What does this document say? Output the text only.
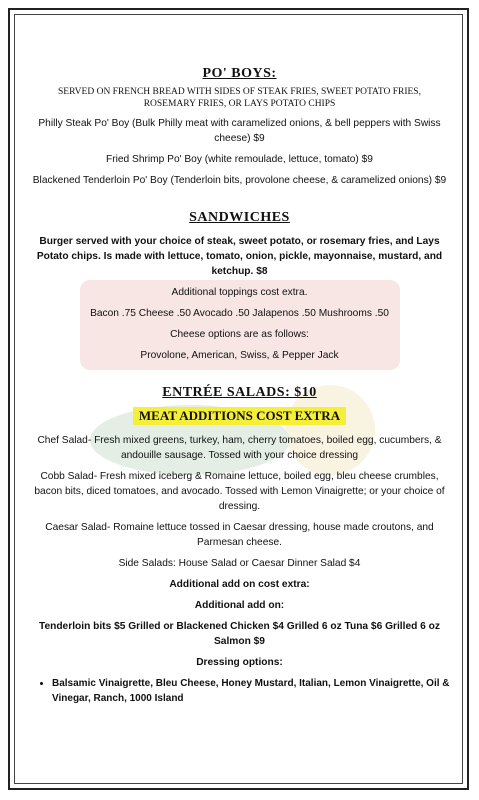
PO' BOYS:
SERVED ON FRENCH BREAD WITH SIDES OF STEAK FRIES, SWEET POTATO FRIES, ROSEMARY FRIES, OR LAYS POTATO CHIPS

Philly Steak Po' Boy (Bulk Philly meat with caramelized onions, & bell peppers with Swiss cheese) $9

Fried Shrimp Po' Boy (white remoulade, lettuce, tomato) $9

Blackened Tenderloin Po' Boy (Tenderloin bits, provolone cheese, & caramelized onions) $9

SANDWICHES

Burger served with your choice of steak, sweet potato, or rosemary fries, and Lays Potato chips. Is made with lettuce, tomato, onion, pickle, mayonnaise, mustard, and ketchup. $8

Additional toppings cost extra.

Bacon .75 Cheese .50 Avocado .50 Jalapenos .50 Mushrooms .50

Cheese options are as follows:

Provolone, American, Swiss, & Pepper Jack

ENTRÉE SALADS: $10
MEAT ADDITIONS COST EXTRA

Chef Salad- Fresh mixed greens, turkey, ham, cherry tomatoes, boiled egg, cucumbers, & andouille sausage. Tossed with your choice dressing

Cobb Salad- Fresh mixed iceberg & Romaine lettuce, boiled egg, bleu cheese crumbles, bacon bits, diced tomatoes, and avocado. Tossed with Lemon Vinaigrette; or your choice of dressing.

Caesar Salad- Romaine lettuce tossed in Caesar dressing, house made croutons, and Parmesan cheese.

Side Salads: House Salad or Caesar Dinner Salad $4

Additional add on cost extra:

Additional add on:

Tenderloin bits $5 Grilled or Blackened Chicken $4 Grilled 6 oz Tuna $6 Grilled 6 oz Salmon $9

Dressing options:

• Balsamic Vinaigrette, Bleu Cheese, Honey Mustard, Italian, Lemon Vinaigrette, Oil & Vinegar, Ranch, 1000 Island
